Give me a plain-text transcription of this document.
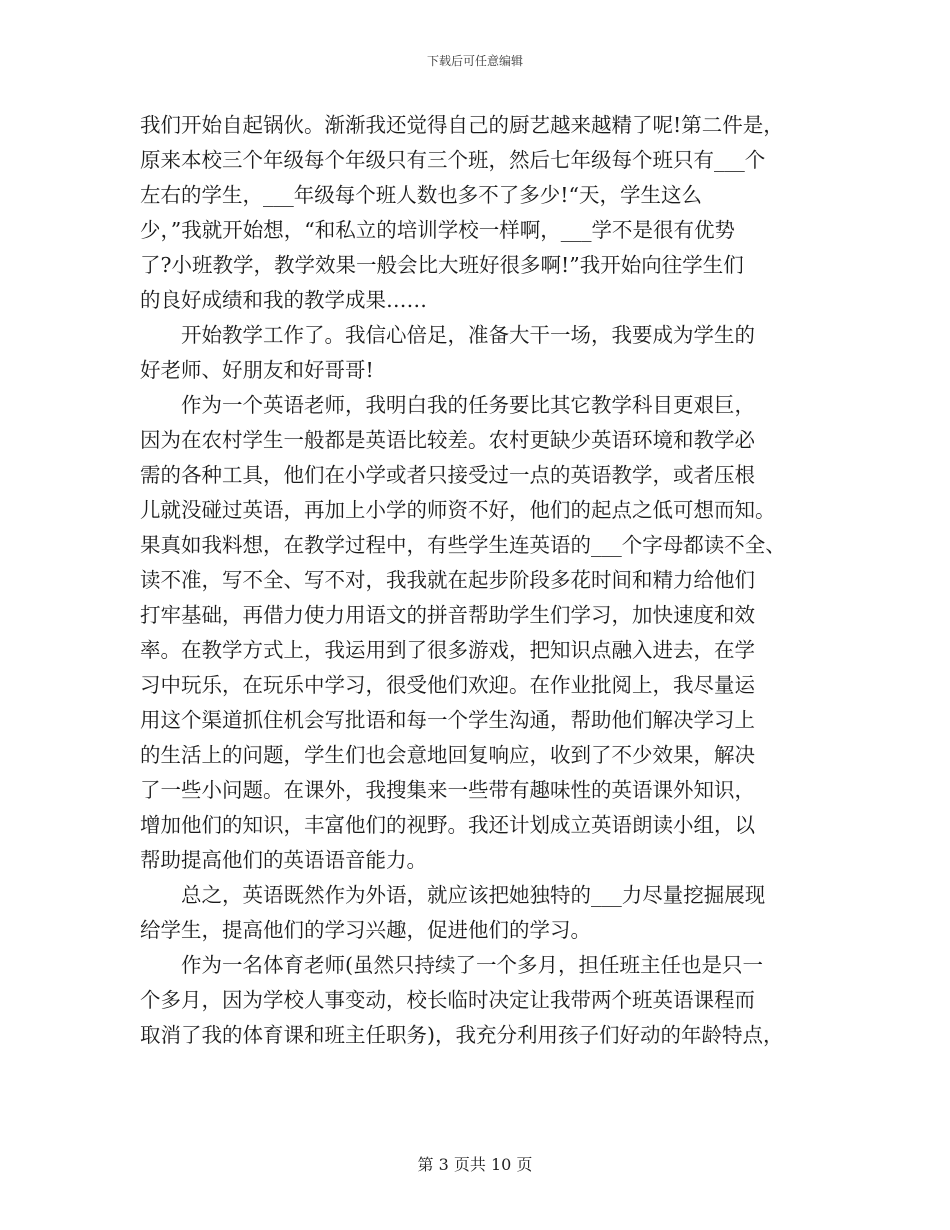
下载后可任意编辑
我们开始自起锅伙。渐渐我还觉得自己的厨艺越来越精了呢!第二件是，
原来本校三个年级每个年级只有三个班，然后七年级每个班只有___个
左右的学生，___年级每个班人数也多不了多少!“天，学生这么
少，”我就开始想，“和私立的培训学校一样啊，___学不是很有优势
了?小班教学，教学效果一般会比大班好很多啊!”我开始向往学生们
的良好成绩和我的教学成果……
开始教学工作了。我信心倍足，准备大干一场，我要成为学生的
好老师、好朋友和好哥哥!
作为一个英语老师，我明白我的任务要比其它教学科目更艰巨，
因为在农村学生一般都是英语比较差。农村更缺少英语环境和教学必
需的各种工具，他们在小学或者只接受过一点的英语教学，或者压根
儿就没碰过英语，再加上小学的师资不好，他们的起点之低可想而知。
果真如我料想，在教学过程中，有些学生连英语的___个字母都读不全、
读不准，写不全、写不对，我我就在起步阶段多花时间和精力给他们
打牢基础，再借力使力用语文的拼音帮助学生们学习，加快速度和效
率。在教学方式上，我运用到了很多游戏，把知识点融入进去，在学
习中玩乐，在玩乐中学习，很受他们欢迎。在作业批阅上，我尽量运
用这个渠道抓住机会写批语和每一个学生沟通，帮助他们解决学习上
的生活上的问题，学生们也会意地回复响应，收到了不少效果，解决
了一些小问题。在课外，我搜集来一些带有趣味性的英语课外知识，
增加他们的知识，丰富他们的视野。我还计划成立英语朗读小组，以
帮助提高他们的英语语音能力。
总之，英语既然作为外语，就应该把她独特的___力尽量挖掘展现
给学生，提高他们的学习兴趣，促进他们的学习。
作为一名体育老师(虽然只持续了一个多月，担任班主任也是只一
个多月，因为学校人事变动，校长临时决定让我带两个班英语课程而
取消了我的体育课和班主任职务)，我充分利用孩子们好动的年龄特点，
第 3 页共 10 页
